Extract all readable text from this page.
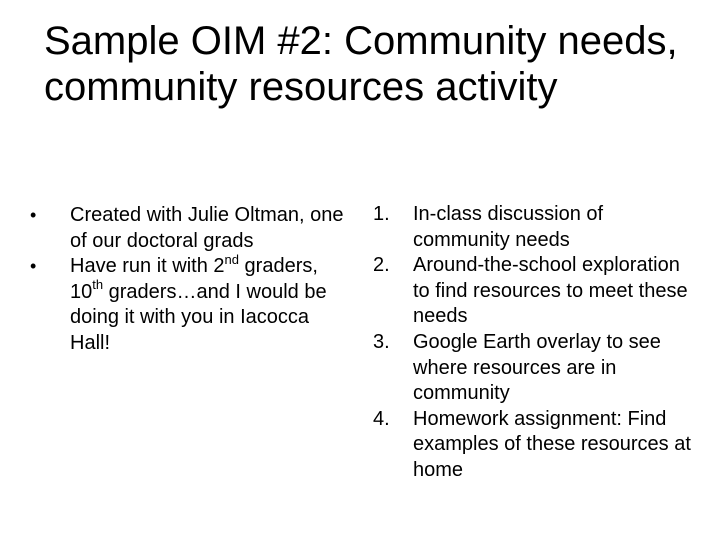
Sample OIM #2: Community needs, community resources activity
•	Created with Julie Oltman, one of our doctoral grads
•	Have run it with 2nd graders, 10th graders…and I would be doing it with you in Iacocca Hall!
1.	In-class discussion of community needs
2.	Around-the-school exploration to find resources to meet these needs
3.	Google Earth overlay to see where resources are in community
4.	Homework assignment: Find examples of these resources at home
